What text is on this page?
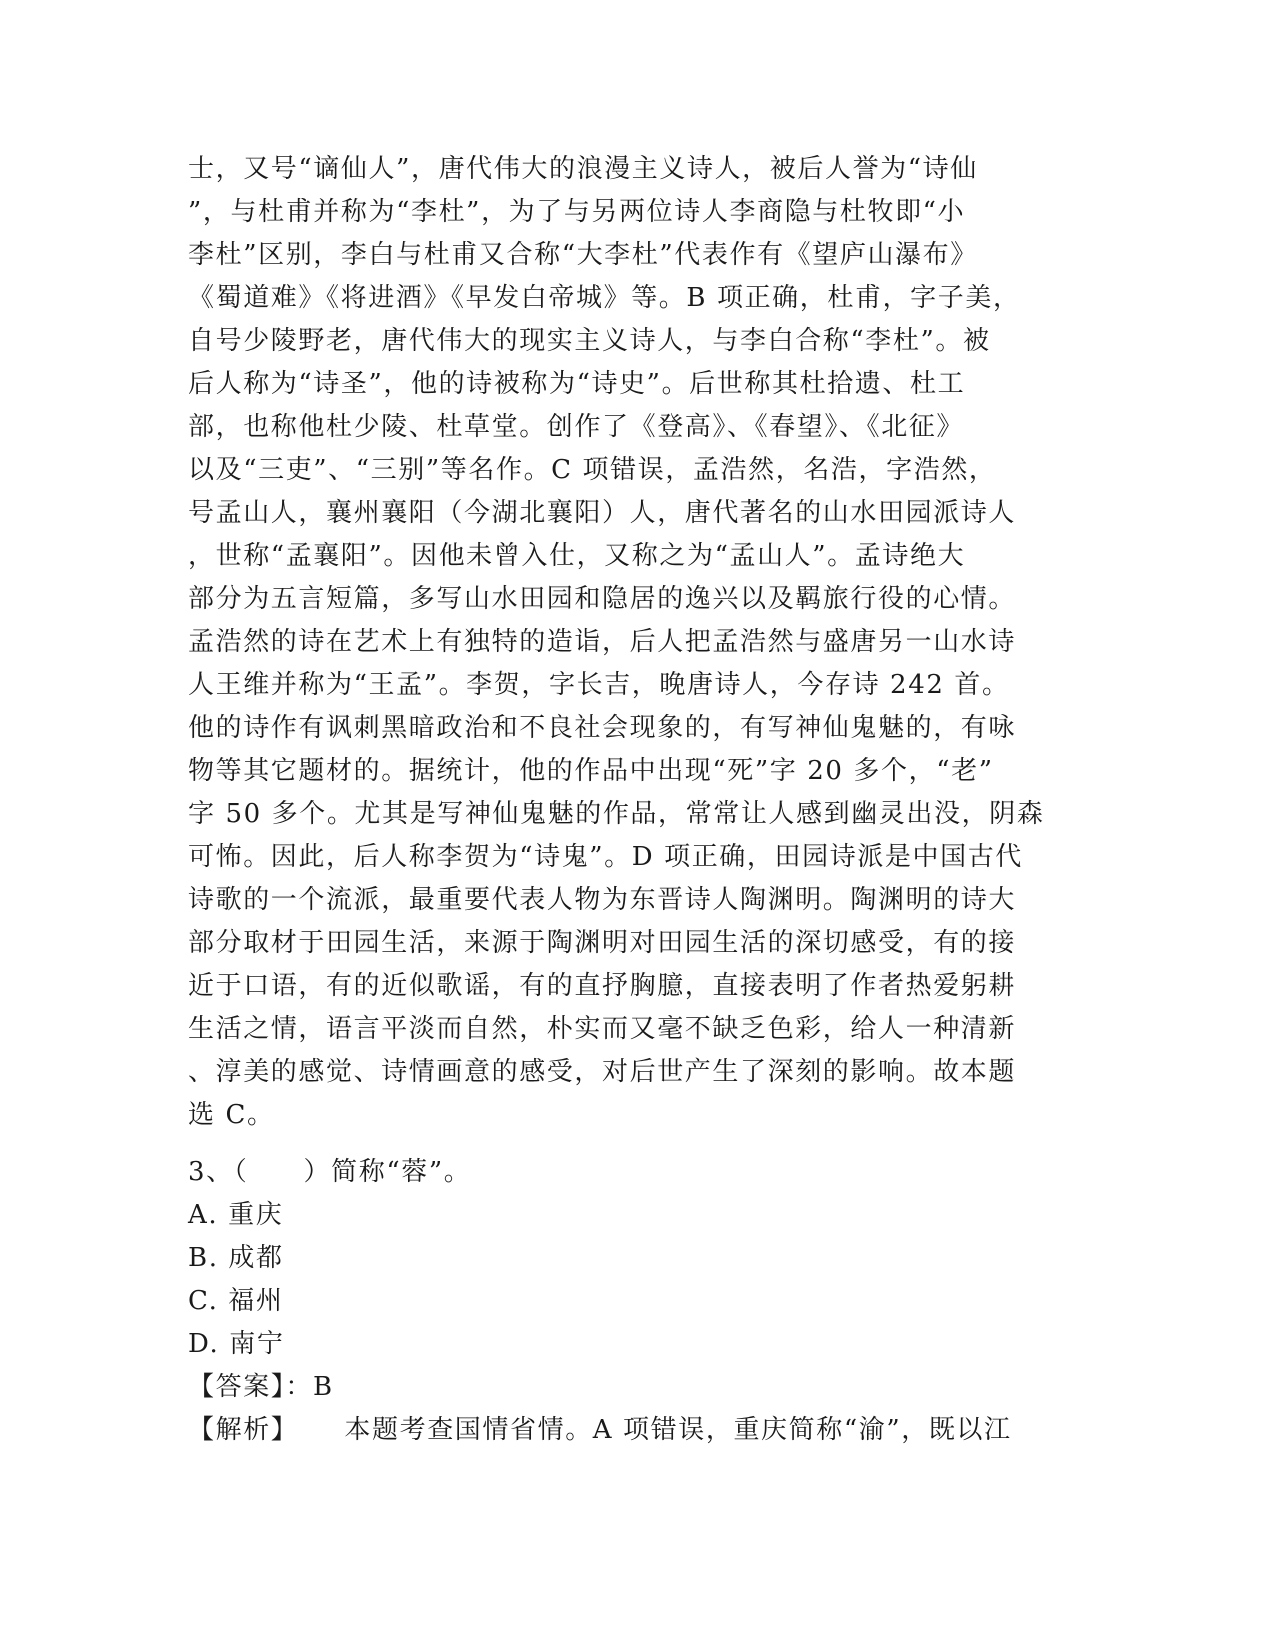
士，又号“谪仙人”，唐代伟大的浪漫主义诗人，被后人誉为“诗仙
”，与杜甫并称为“李杜”，为了与另两位诗人李商隐与杜牧即“小
李杜”区别，李白与杜甫又合称“大李杜”代表作有《望庐山瀑布》
《蜀道难》《将进酒》《早发白帝城》等。B 项正确，杜甫，字子美，
自号少陵野老，唐代伟大的现实主义诗人，与李白合称“李杜”。被
后人称为“诗圣”，他的诗被称为“诗史”。后世称其杜拾遗、杜工
部，也称他杜少陵、杜草堂。创作了《登高》、《春望》、《北征》
以及“三吏”、“三别”等名作。C 项错误，孟浩然，名浩，字浩然，
号孟山人，襄州襄阳（今湖北襄阳）人，唐代著名的山水田园派诗人
，世称“孟襄阳”。因他未曾入仕，又称之为“孟山人”。孟诗绝大
部分为五言短篇，多写山水田园和隐居的逸兴以及羁旅行役的心情。
孟浩然的诗在艺术上有独特的造诣，后人把孟浩然与盛唐另一山水诗
人王维并称为“王孟”。李贺，字长吉，晚唐诗人，今存诗 242 首。
他的诗作有讽刺黑暗政治和不良社会现象的，有写神仙鬼魅的，有咏
物等其它题材的。据统计，他的作品中出现“死”字 20 多个，“老”
字 50 多个。尤其是写神仙鬼魅的作品，常常让人感到幽灵出没，阴森
可怖。因此，后人称李贺为“诗鬼”。D 项正确，田园诗派是中国古代
诗歌的一个流派，最重要代表人物为东晋诗人陶渊明。陶渊明的诗大
部分取材于田园生活，来源于陶渊明对田园生活的深切感受，有的接
近于口语，有的近似歌谣，有的直抒胸臆，直接表明了作者热爱躬耕
生活之情，语言平淡而自然，朴实而又毫不缺乏色彩，给人一种清新
、淳美的感觉、诗情画意的感受，对后世产生了深刻的影响。故本题
选 C。
3、（　　）简称“蓉”。
A. 重庆
B. 成都
C. 福州
D. 南宁
【答案】：B
【解析】 本题考查国情省情。A 项错误，重庆简称“渝”，既以江
